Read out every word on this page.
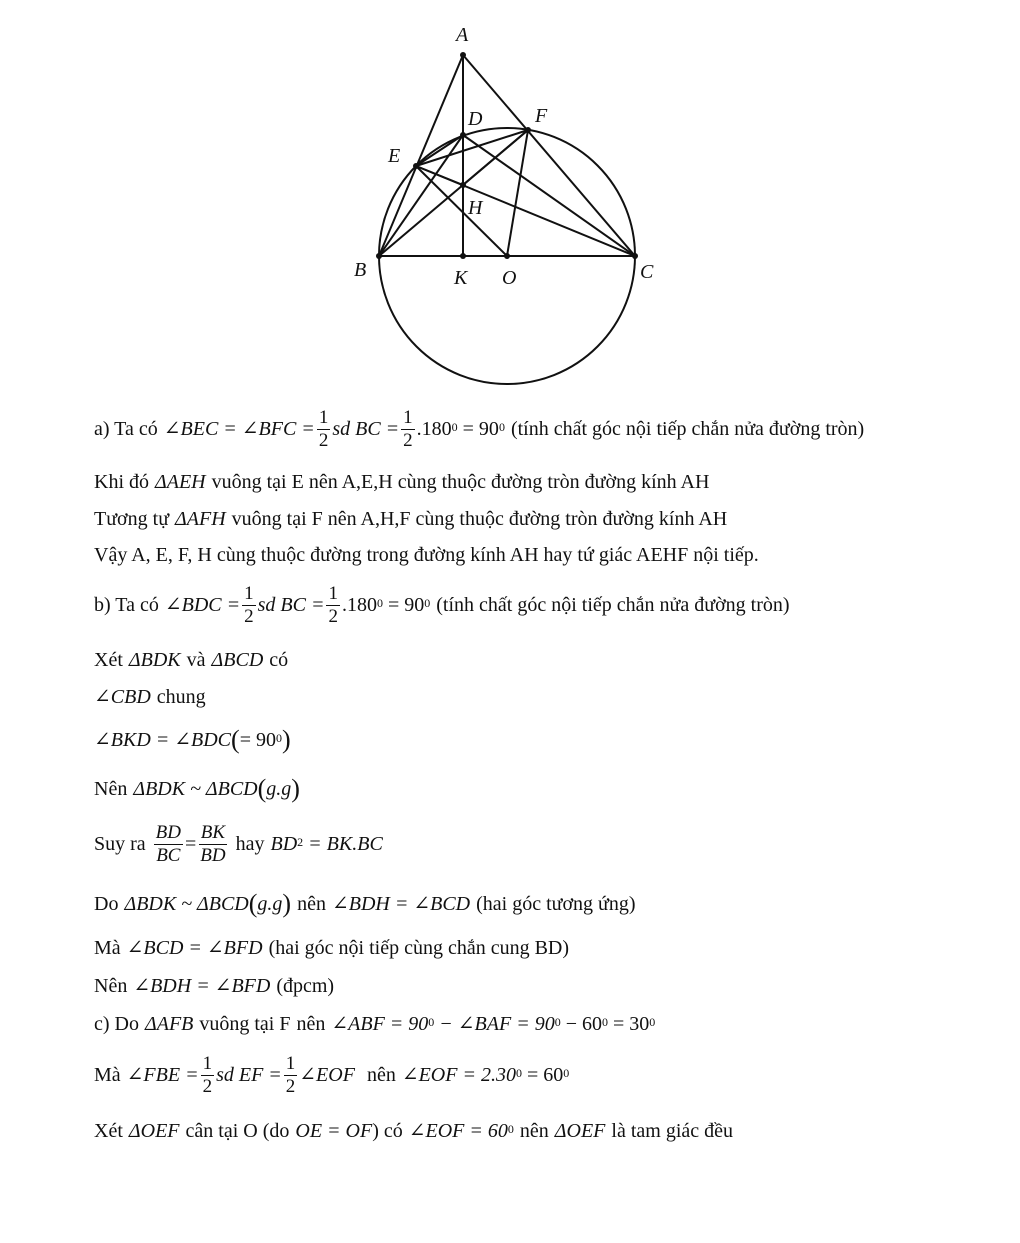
A
D	F
E
H
B	K O	C
a) Ta có ∠BEC = ∠BFC = $\frac{1}{2}$ sd BC = $\frac{1}{2} .180^0$
= $90^0$ (tính chất góc nội tiếp chắn nửa đường tròn)
Khi đó ΔAEH vuông tại E nên A,E,H cùng thuộc đường tròn đường kính AH
Tương tự ΔAFH vuông tại F nên A,H,F cùng thuộc đường tròn đường kính AH
Vậy A, E, F, H cùng thuộc đường trong đường kính AH hay tứ giác AEHF nội tiếp.
b) Ta có ∠BDC = $\frac{1}{2}$ sd BC = $\frac{1}{2} .180^0$
= $90^0$ (tính chất góc nội tiếp chắn nửa đường tròn)
Xét ΔBDK và ΔBCD có
∠CBD chung
∠BKD = ∠BDC ( = $90^0$ )
Nên ΔBDK ~ ΔBCD ( g.g )
Suy ra $\frac{BD}{BC} = \frac{BK}{BD}$ hay $BD^2$
= BK.BC
Do ΔBDK ~ ΔBCD ( g.g ) nên ∠BDH = ∠BCD (hai góc tương ứng)
Mà ∠BCD = ∠BFD (hai góc nội tiếp cùng chắn cung BD)
Nên ∠BDH = ∠BFD (đpcm)
c) Do ΔAFB vuông tại F nên ∠ABF = $90^0$
− ∠BAF = $90^0$
− $60^0$
= $30^0$
Mà ∠FBE = $\frac{1}{2}$ sd EF = $\frac{1}{2}$ ∠EOF nên ∠EOF = $2.30^0$
= $60^0$
Xét ΔOEF cân tại O (do OE = OF ) có ∠EOF = $60^0$ nên ΔOEF là tam giác đều
